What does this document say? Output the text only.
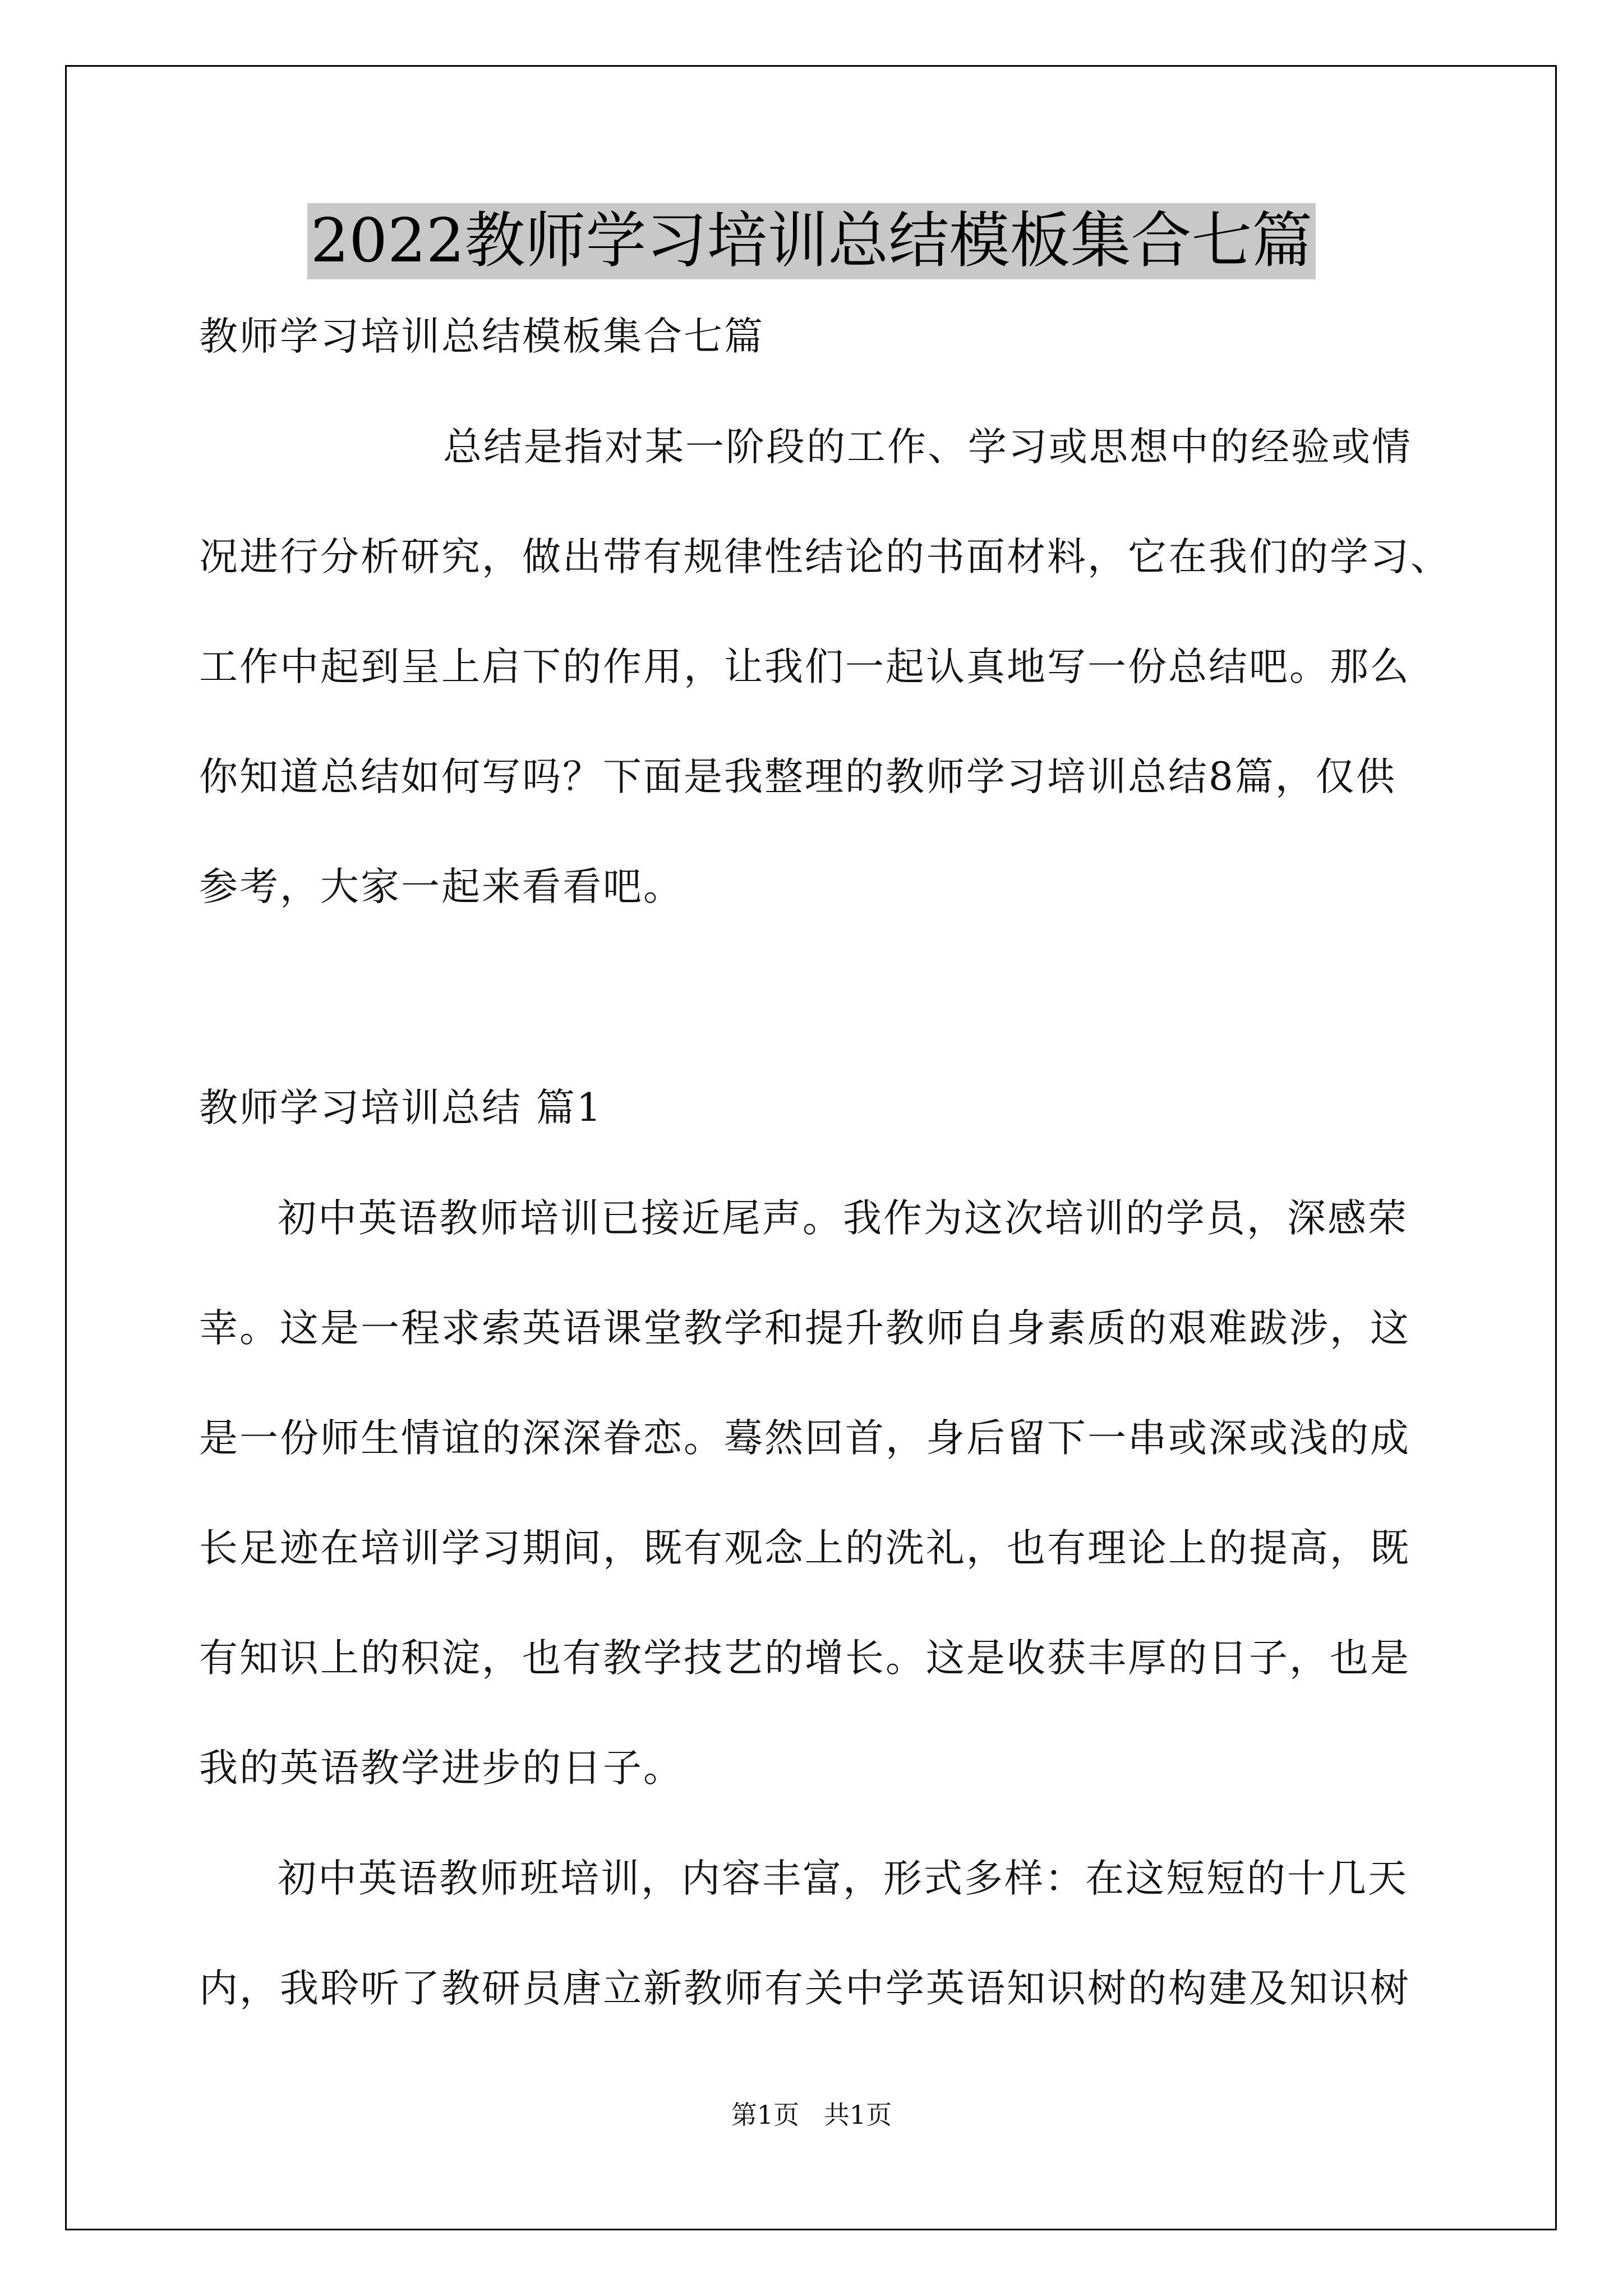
2022教师学习培训总结模板集合七篇
教师学习培训总结模板集合七篇
总结是指对某一阶段的工作、学习或思想中的经验或情
况进行分析研究，做出带有规律性结论的书面材料，它在我们的学习、
工作中起到呈上启下的作用，让我们一起认真地写一份总结吧。那么
你知道总结如何写吗？下面是我整理的教师学习培训总结8篇，仅供
参考，大家一起来看看吧。
教师学习培训总结 篇1
初中英语教师培训已接近尾声。我作为这次培训的学员，深感荣
幸。这是一程求索英语课堂教学和提升教师自身素质的艰难跋涉，这
是一份师生情谊的深深眷恋。蓦然回首，身后留下一串或深或浅的成
长足迹在培训学习期间，既有观念上的洗礼，也有理论上的提高，既
有知识上的积淀，也有教学技艺的增长。这是收获丰厚的日子，也是
我的英语教学进步的日子。
初中英语教师班培训，内容丰富，形式多样：在这短短的十几天
内，我聆听了教研员唐立新教师有关中学英语知识树的构建及知识树
第1页   共1页
